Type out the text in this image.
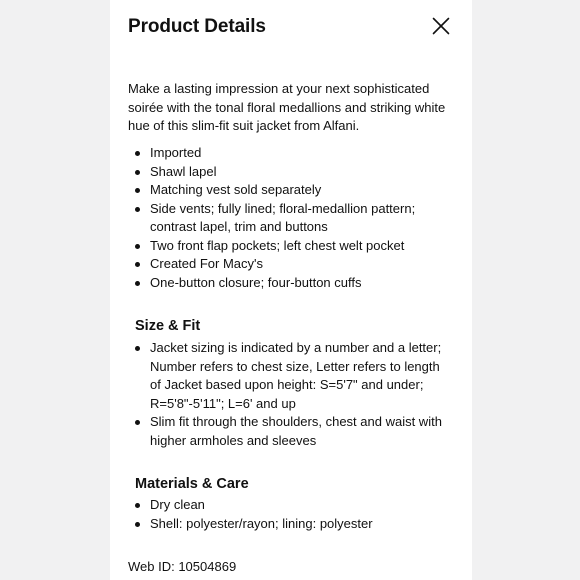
Product Details

Make a lasting impression at your next sophisticated soirée with the tonal floral medallions and striking white hue of this slim-fit suit jacket from Alfani.

Imported
Shawl lapel
Matching vest sold separately
Side vents; fully lined; floral-medallion pattern; contrast lapel, trim and buttons
Two front flap pockets; left chest welt pocket
Created For Macy's
One-button closure; four-button cuffs
Size & Fit
Jacket sizing is indicated by a number and a letter; Number refers to chest size, Letter refers to length of Jacket based upon height: S=5'7" and under; R=5'8"-5'11"; L=6' and up
Slim fit through the shoulders, chest and waist with higher armholes and sleeves
Materials & Care
Dry clean
Shell: polyester/rayon; lining: polyester

Web ID: 10504869
